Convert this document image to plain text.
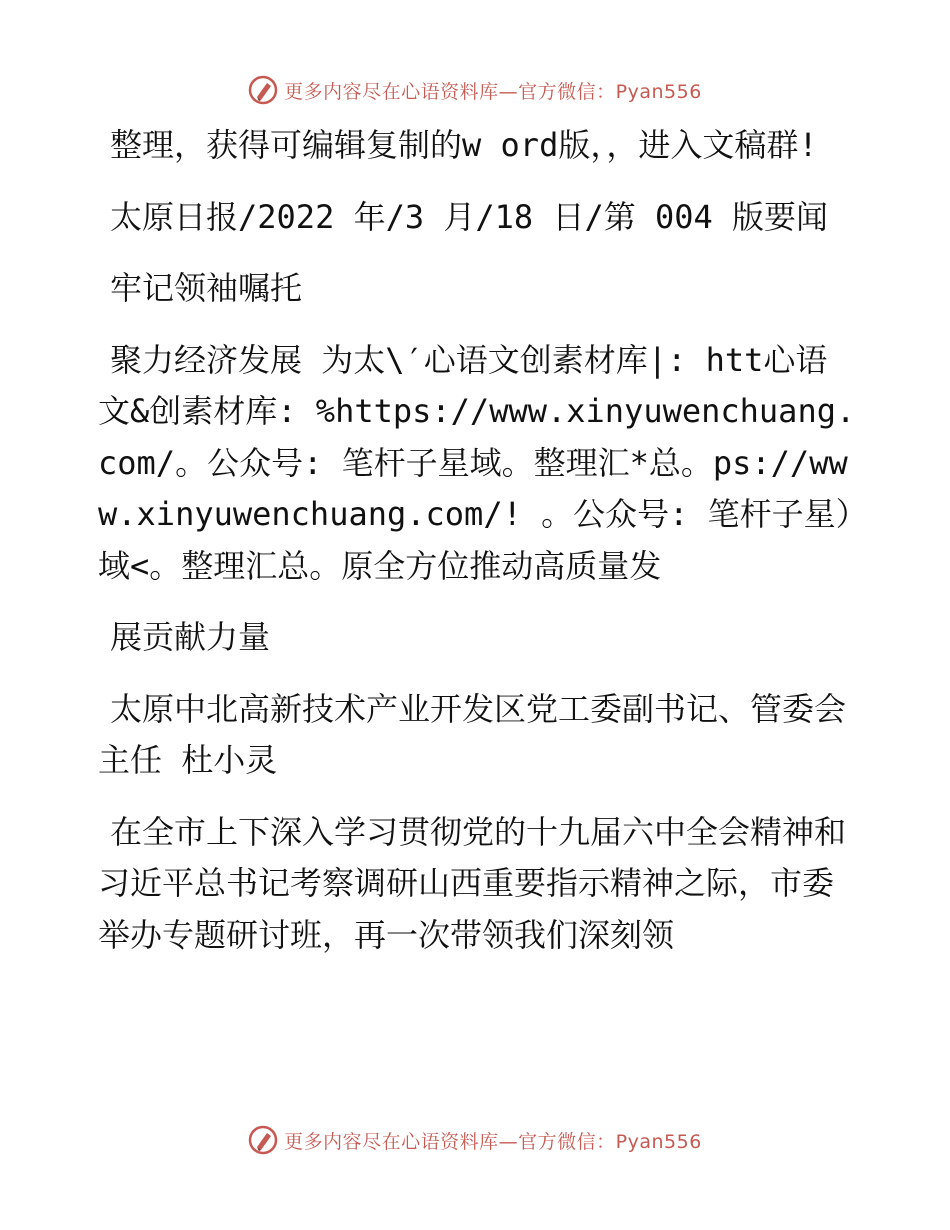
更多内容尽在心语资料库—官方微信：Pyan556

整理，获得可编辑复制的w ord版，，进入文稿群!

太原日报/2022 年/3 月/18 日/第 004 版要闻

牢记领袖嘱托

聚力经济发展 为太\′心语文创素材库|: htt心语文&创素材库: %https://www.xinyuwenchuang.com/。公众号: 笔杆子星域。整理汇*总。ps://www.xinyuwenchuang.com/! 。公众号: 笔杆子星）域<。整理汇总。原全方位推动高质量发

展贡献力量

太原中北高新技术产业开发区党工委副书记、管委会主任 杜小灵

在全市上下深入学习贯彻党的十九届六中全会精神和习近平总书记考察调研山西重要指示精神之际，市委举办专题研讨班，再一次带领我们深刻领

更多内容尽在心语资料库—官方微信：Pyan556
